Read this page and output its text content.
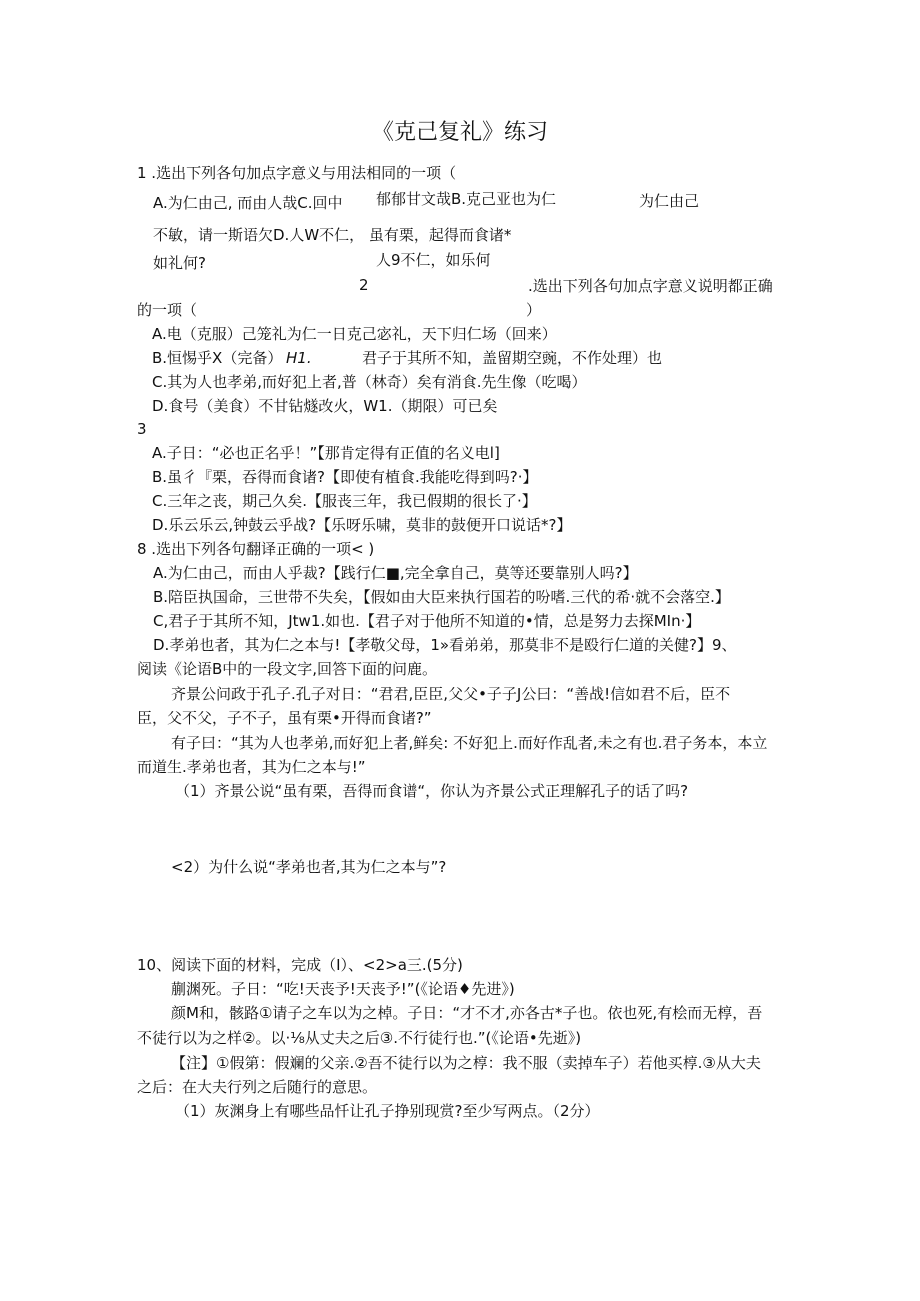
《克己复礼》练习
1 .选出下列各句加点字意义与用法相同的一项（
A.为仁由己, 而由人哉C.回中 郁郁甘文哉B.克己亚也为仁	为仁由己
不敏，请一斯语欠D.人W不仁， 虽有栗，起得而食诸*
如礼何?	人9不仁，如乐何
2	.选出下列各句加点字意义说明都正确
的一项（	）
A.电（克服）己笼礼为仁一日克己宓礼，天下归仁场（回来）
B.恒惕乎X（完备） H1.	君子于其所不知，盖留期空豌，不作处理）也
C.其为人也孝弟,而好犯上者,普（林奇）矣有消食.先生像（吃喝）
D.食号（美食）不甘钻燧改火，W1.（期限）可已矣
3
A.子日：“必也正名乎！”【那肯定得有正值的名义电l]
B.虽彳『栗，吞得而食诸?【即使有植食.我能吃得到吗?·】
C.三年之丧，期己久矣.【服丧三年，我已假期的很长了·】
D.乐云乐云,钟鼓云乎战?【乐呀乐啸，莫非的鼓便开口说话*?】
8 .选出下列各句翻译正确的一项< )
A.为仁由己，而由人乎裁?【践行仁■,完全拿自己，莫等还要靠别人吗?】
B.陪臣执国命，三世带不失矣，【假如由大臣来执行国若的吩嗜.三代的希·就不会落空.】
C,君子于其所不知，Jtw1.如也.【君子对于他所不知道的•情，总是努力去探MIn·】
D.孝弟也者，其为仁之本与!【孝敬父母，1»看弟弟，那莫非不是殴行仁道的关健?】9、
阅读《论语B中的一段文字,回答下面的问鹿。
齐景公问政于孔子.孔子对日：“君君,臣臣,父父•子子J公曰：“善战!信如君不后，臣不
臣，父不父，子不子，虽有栗•开得而食诸?”
有子曰：“其为人也孝弟,而好犯上者,鲜矣: 不好犯上.而好作乱者,未之有也.君子务本，本立
而道生.孝弟也者，其为仁之本与!”
（1）齐景公说“虽有栗，吾得而食谱“，你认为齐景公式正理解孔子的话了吗?
<2）为什么说“孝弟也者,其为仁之本与”?
10、阅读下面的材料，完成（I）、<2>a三.(5分)
蒯渊死。子日：“吃!天丧予!天丧予!”(《论语♦先进》)
颜M和，骸路①请子之车以为之棹。子日：“才不才,亦各古*子也。依也死,有桧而无椁，吾
不徒行以为之样②。以·⅛从丈夫之后③.不行徒行也.”(《论语•先逝》)
【注】①假第：假斓的父亲.②吾不徒行以为之椁：我不服（卖掉车子）若他买椁.③从大夫
之后：在大夫行列之后随行的意思。
（1）灰渊身上有哪些品忏让孔子挣别现赏?至少写两点。（2分）
